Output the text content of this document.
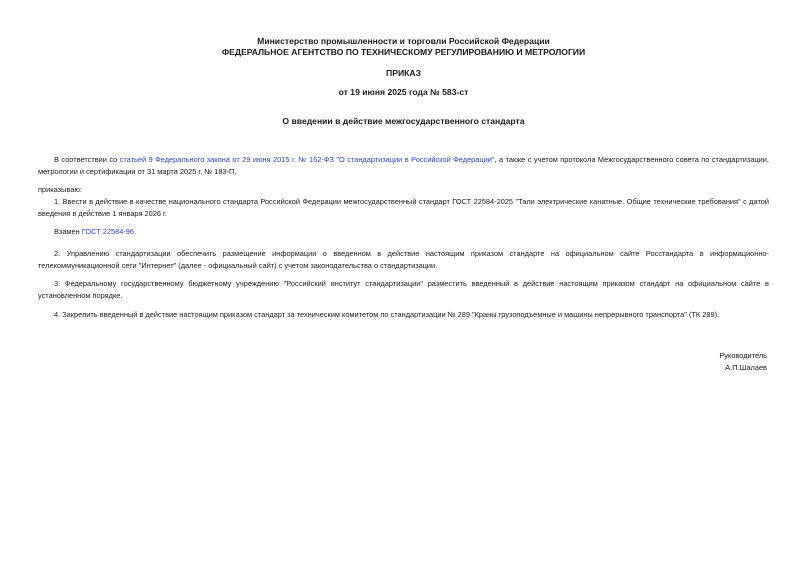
Министерство промышленности и торговли Российской Федерации

ФЕДЕРАЛЬНОЕ АГЕНТСТВО ПО ТЕХНИЧЕСКОМУ РЕГУЛИРОВАНИЮ И МЕТРОЛОГИИ

ПРИКАЗ

от 19 июня 2025 года № 583-ст

О введении в действие межгосударственного стандарта

В соответствии со статьей 9 Федерального закона от 29 июня 2015 г. № 162-ФЗ "О стандартизации в Российской Федерации", а также с учетом протокола Межгосударственного совета по стандартизации, метрологии и сертификации от 31 марта 2025 г. № 183-П,

приказываю:

1. Ввести в действие в качестве национального стандарта Российской Федерации межгосударственный стандарт ГОСТ 22584-2025 "Тали электрические канатные. Общие технические требования" с датой введения в действие 1 января 2026 г.

Взамен ГОСТ 22584-96.

2. Управлению стандартизации обеспечить размещение информации о введенном в действие настоящим приказом стандарте на официальном сайте Росстандарта в информационно-телекоммуникационной сети "Интернет" (далее - официальный сайт) с учетом законодательства о стандартизации.

3. Федеральному государственному бюджетному учреждению "Российский институт стандартизации" разместить введенный в действие настоящим приказом стандарт на официальном сайте в установленном порядке.

4. Закрепить введенный в действие настоящим приказом стандарт за техническим комитетом по стандартизации № 289 "Краны грузоподъемные и машины непрерывного транспорта" (ТК 289).

Руководитель

А.П.Шалаев
